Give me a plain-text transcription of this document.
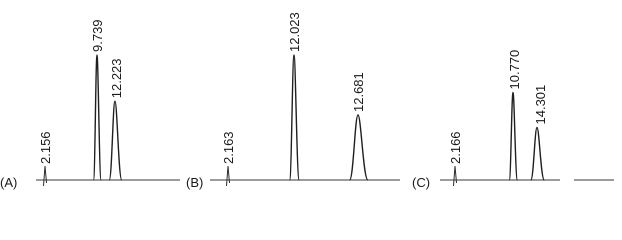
(A)	(B)	(C)
2.156
9.739
12.223
2.163
12.023
12.681
2.166
10.770
14.301
